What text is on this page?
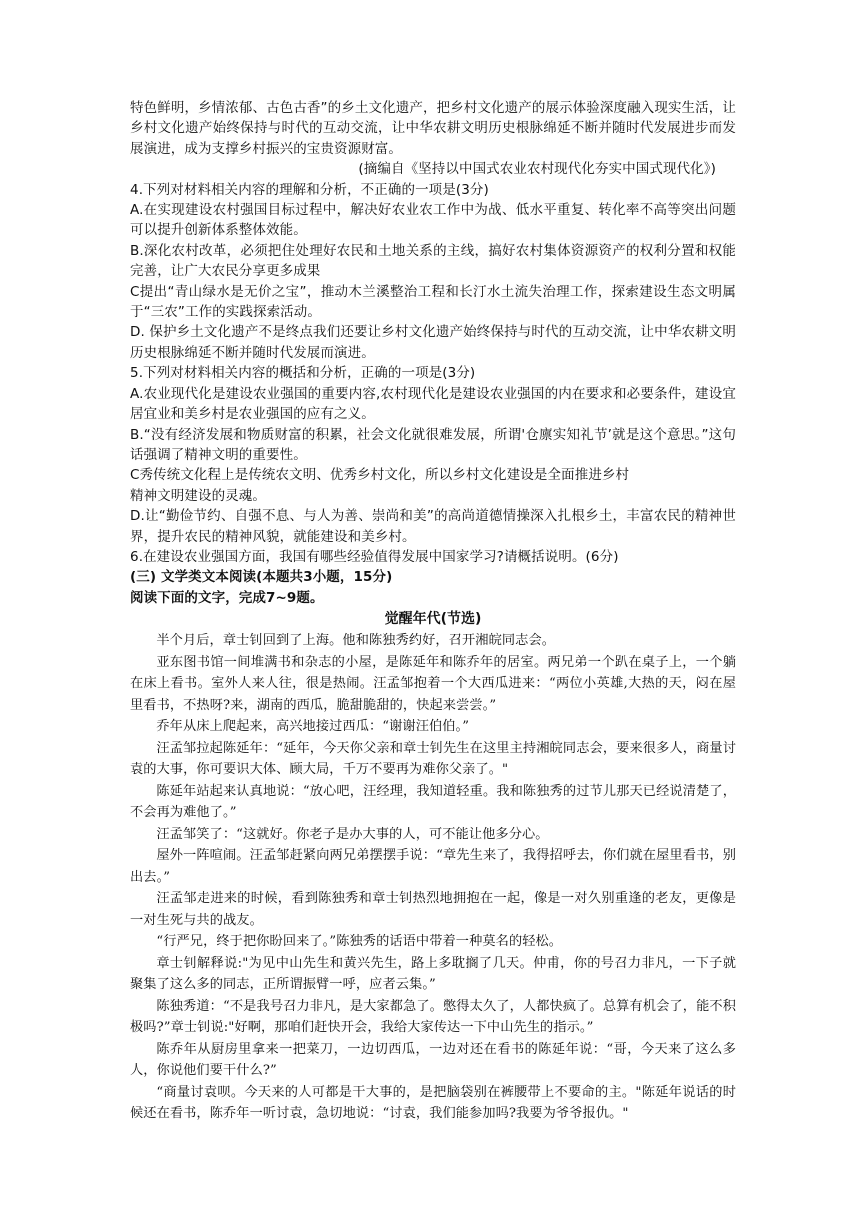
特色鲜明，乡情浓郁、古色古香”的乡土文化遗产，把乡村文化遗产的展示体验深度融入现实生活，让乡村文化遗产始终保持与时代的互动交流，让中华农耕文明历史根脉绵延不断并随时代发展进步而发展演进，成为支撑乡村振兴的宝贵资源财富。

(摘编自《坚持以中国式农业农村现代化夯实中国式现代化》)

4.下列对材料相关内容的理解和分析，不正确的一项是(3分)

A.在实现建设农村强国目标过程中，解决好农业农工作中为战、低水平重复、转化率不高等突出问题可以提升创新体系整体效能。

B.深化农村改革，必须把住处理好农民和土地关系的主线，搞好农村集体资源资产的权利分置和权能完善，让广大农民分享更多成果

C提出“青山绿水是无价之宝”，推动木兰溪整治工程和长汀水土流失治理工作，探索建设生态文明属于“三农”工作的实践探索活动。

D. 保护乡土文化遗产不是终点我们还要让乡村文化遗产始终保持与时代的互动交流，让中华农耕文明历史根脉绵延不断并随时代发展而演进。

5.下列对材料相关内容的概括和分析，正确的一项是(3分)

A.农业现代化是建设农业强国的重要内容,农村现代化是建设农业强国的内在要求和必要条件，建设宜居宜业和美乡村是农业强国的应有之义。

B.“没有经济发展和物质财富的积累，社会文化就很难发展，所谓'仓廪实知礼节’就是这个意思。”这句话强调了精神文明的重要性。

C秀传统文化程上是传统农文明、优秀乡村文化，所以乡村文化建设是全面推进乡村

精神文明建设的灵魂。

D.让“勤俭节约、自强不息、与人为善、崇尚和美”的高尚道德情操深入扎根乡土，丰富农民的精神世界，提升农民的精神风貌，就能建设和美乡村。

6.在建设农业强国方面，我国有哪些经验值得发展中国家学习?请概括说明。(6分)

(三) 文学类文本阅读(本题共3小题，15分)

阅读下面的文字，完成7~9题。

觉醒年代(节选)

半个月后，章士钊回到了上海。他和陈独秀约好，召开湘皖同志会。

亚东图书馆一间堆满书和杂志的小屋，是陈延年和陈乔年的居室。两兄弟一个趴在桌子上，一个躺在床上看书。室外人来人往，很是热闹。汪孟邹抱着一个大西瓜进来：“两位小英雄,大热的天，闷在屋里看书，不热呀?来，湖南的西瓜，脆甜脆甜的，快起来尝尝。”

乔年从床上爬起来，高兴地接过西瓜：“谢谢汪伯伯。”

汪孟邹拉起陈延年：“延年，今天你父亲和章士钊先生在这里主持湘皖同志会，要来很多人，商量讨袁的大事，你可要识大体、顾大局，千万不要再为难你父亲了。"

陈延年站起来认真地说：“放心吧，汪经理，我知道轻重。我和陈独秀的过节儿那天已经说清楚了，不会再为难他了。”

汪孟邹笑了：“这就好。你老子是办大事的人，可不能让他多分心。

屋外一阵喧闹。汪孟邹赶紧向两兄弟摆摆手说：“章先生来了，我得招呼去，你们就在屋里看书，别出去。”

汪孟邹走进来的时候，看到陈独秀和章士钊热烈地拥抱在一起，像是一对久别重逢的老友，更像是一对生死与共的战友。

“行严兄，终于把你盼回来了。”陈独秀的话语中带着一种莫名的轻松。

章士钊解释说:"为见中山先生和黄兴先生，路上多耽搁了几天。仲甫，你的号召力非凡，一下子就聚集了这么多的同志，正所谓振臂一呼，应者云集。”

陈独秀道：“不是我号召力非凡，是大家都急了。憋得太久了，人都快疯了。总算有机会了，能不积极吗?”章士钊说:"好啊，那咱们赶快开会，我给大家传达一下中山先生的指示。”

陈乔年从厨房里拿来一把菜刀，一边切西瓜，一边对还在看书的陈延年说：“哥，今天来了这么多人，你说他们要干什么?”

“商量讨袁呗。今天来的人可都是干大事的，是把脑袋别在裤腰带上不要命的主。"陈延年说话的时候还在看书，陈乔年一听讨袁，急切地说：“讨袁，我们能参加吗?我要为爷爷报仇。"
